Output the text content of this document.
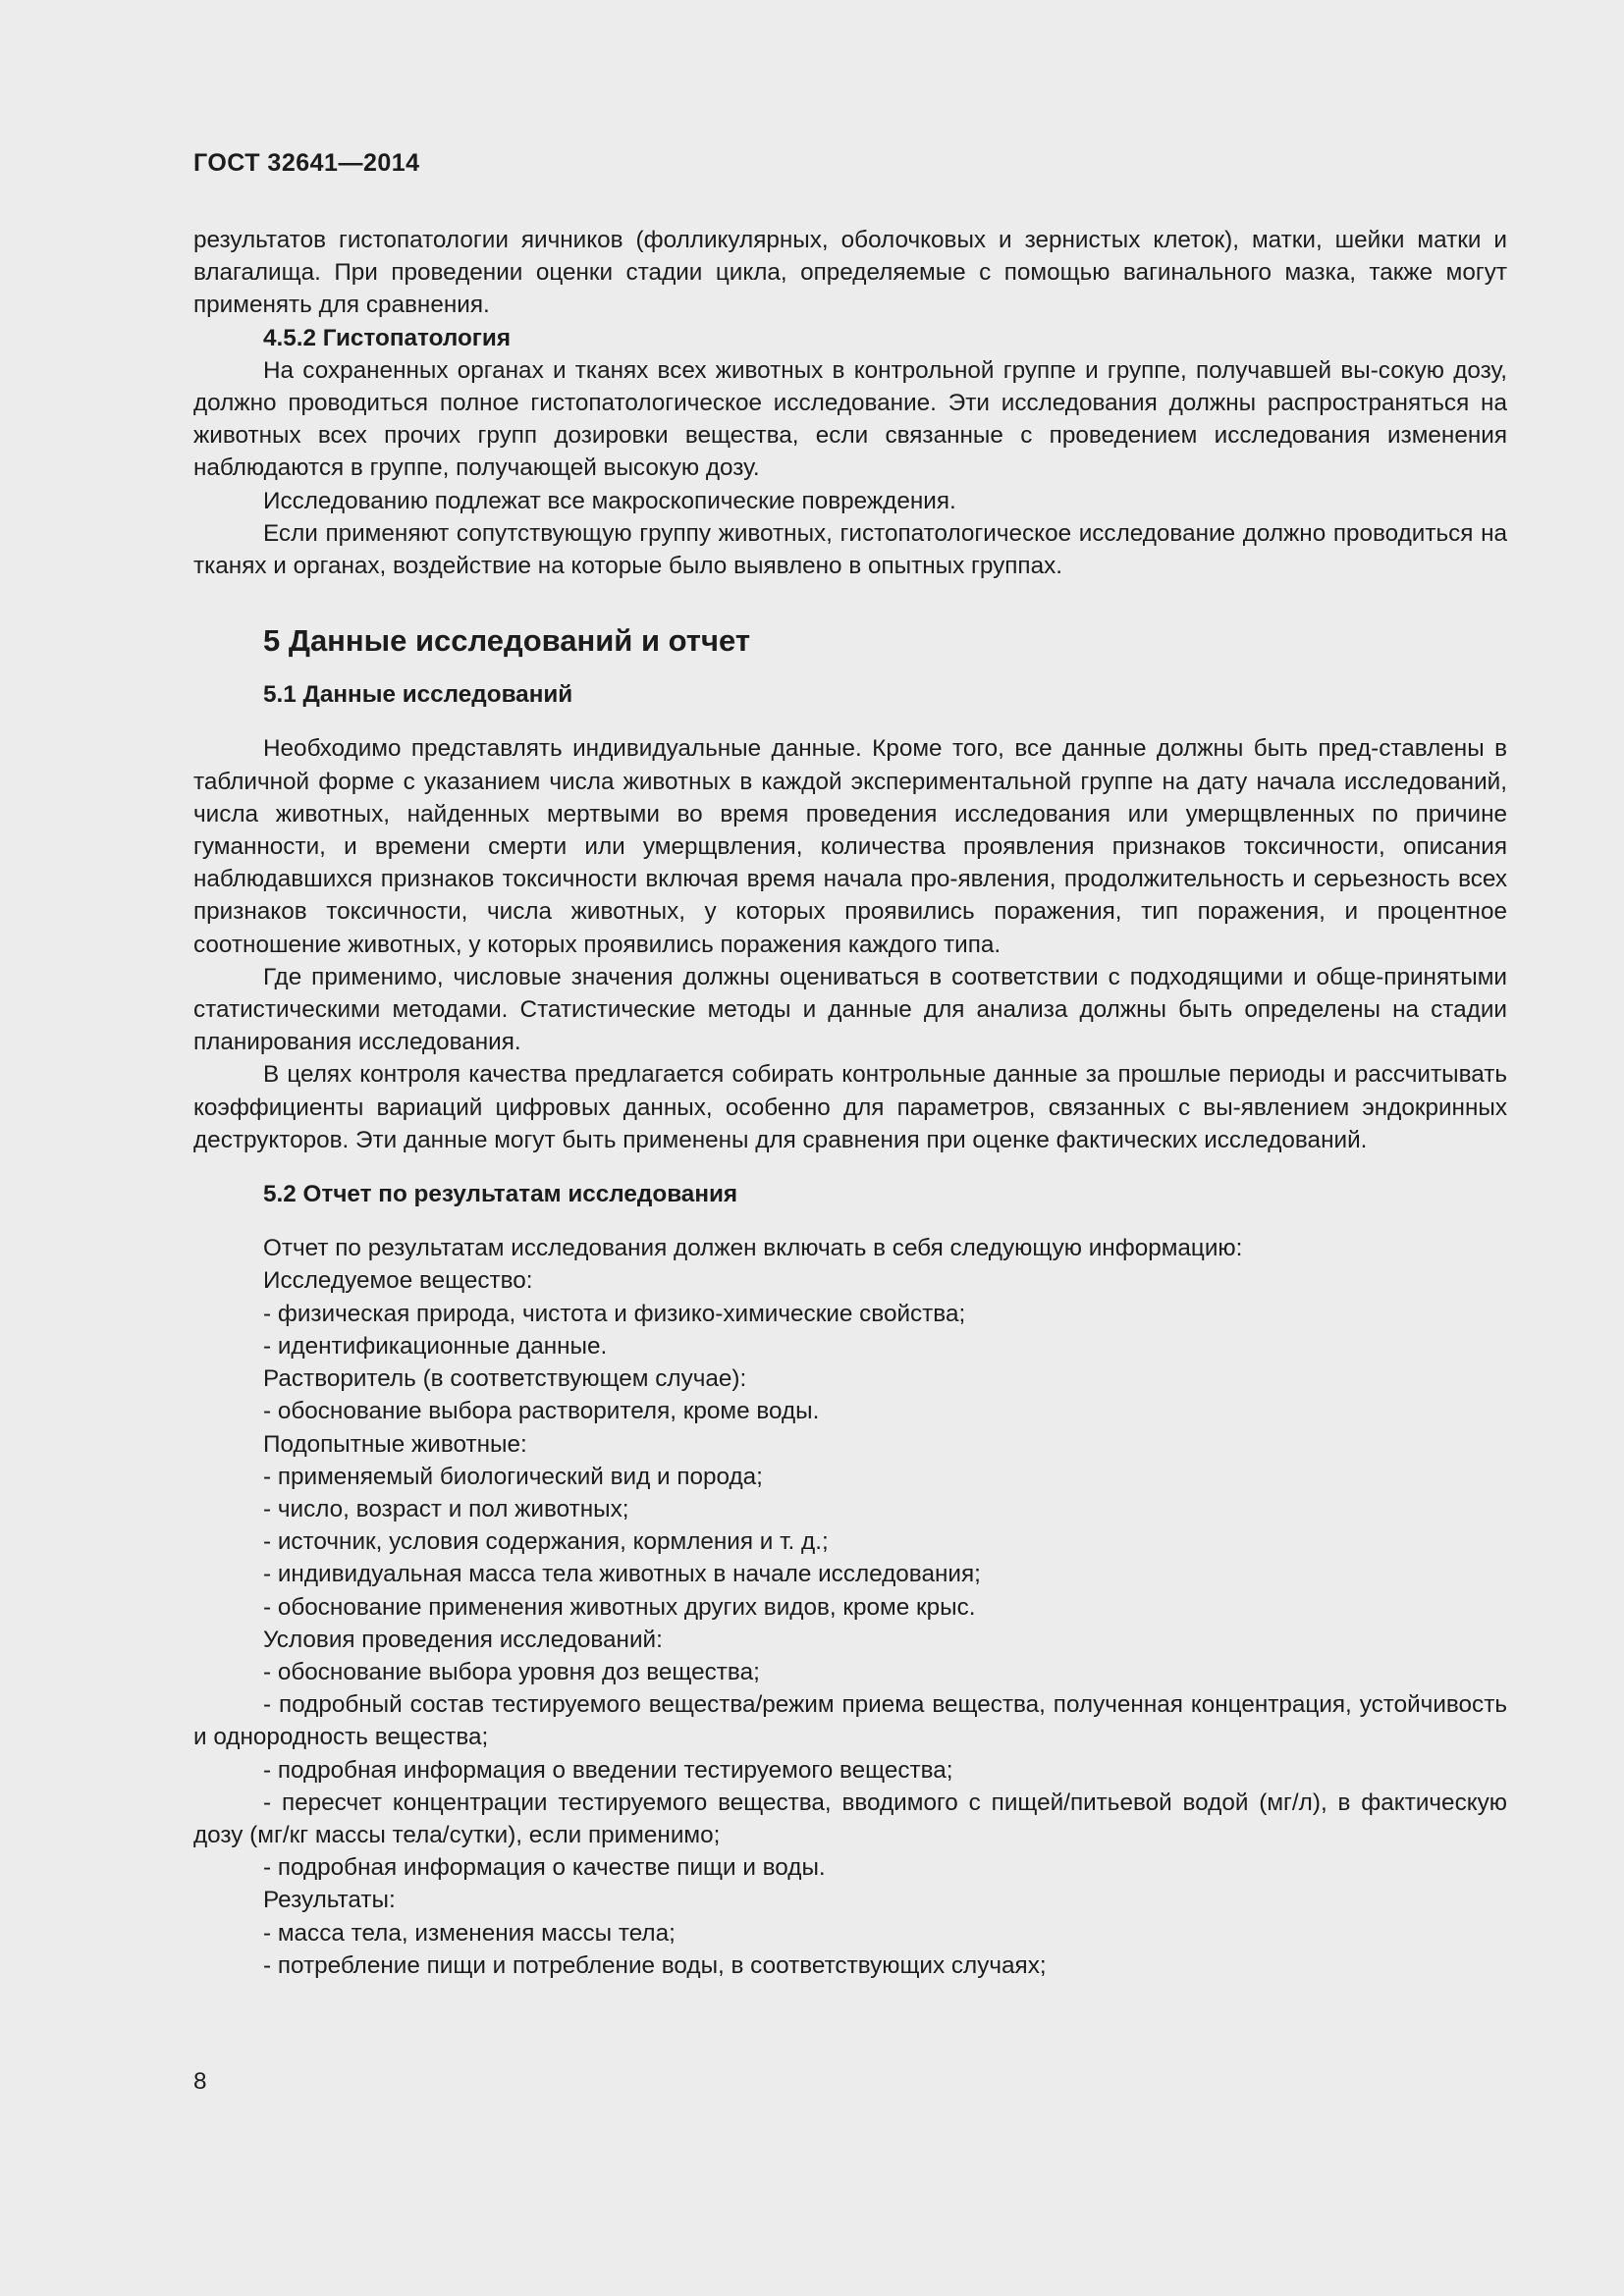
ГОСТ 32641—2014

результатов гистопатологии яичников (фолликулярных, оболочковых и зернистых клеток), матки, шейки матки и влагалища. При проведении оценки стадии цикла, определяемые с помощью вагинального мазка, также могут применять для сравнения.

4.5.2 Гистопатология

На сохраненных органах и тканях всех животных в контрольной группе и группе, получавшей вы-сокую дозу, должно проводиться полное гистопатологическое исследование. Эти исследования должны распространяться на животных всех прочих групп дозировки вещества, если связанные с проведением исследования изменения наблюдаются в группе, получающей высокую дозу.

Исследованию подлежат все макроскопические повреждения.

Если применяют сопутствующую группу животных, гистопатологическое исследование должно проводиться на тканях и органах, воздействие на которые было выявлено в опытных группах.

5 Данные исследований и отчет
5.1 Данные исследований

Необходимо представлять индивидуальные данные. Кроме того, все данные должны быть пред-ставлены в табличной форме с указанием числа животных в каждой экспериментальной группе на дату начала исследований, числа животных, найденных мертвыми во время проведения исследования или умерщвленных по причине гуманности, и времени смерти или умерщвления, количества проявления признаков токсичности, описания наблюдавшихся признаков токсичности включая время начала про-явления, продолжительность и серьезность всех признаков токсичности, числа животных, у которых проявились поражения, тип поражения, и процентное соотношение животных, у которых проявились поражения каждого типа.

Где применимо, числовые значения должны оцениваться в соответствии с подходящими и обще-принятыми статистическими методами. Статистические методы и данные для анализа должны быть определены на стадии планирования исследования.

В целях контроля качества предлагается собирать контрольные данные за прошлые периоды и рассчитывать коэффициенты вариаций цифровых данных, особенно для параметров, связанных с вы-явлением эндокринных деструкторов. Эти данные могут быть применены для сравнения при оценке фактических исследований.

5.2 Отчет по результатам исследования

Отчет по результатам исследования должен включать в себя следующую информацию:

Исследуемое вещество:

- физическая природа, чистота и физико-химические свойства;

- идентификационные данные.

Растворитель (в соответствующем случае):

- обоснование выбора растворителя, кроме воды.

Подопытные животные:

- применяемый биологический вид и порода;

- число, возраст и пол животных;

- источник, условия содержания, кормления и т. д.;

- индивидуальная масса тела животных в начале исследования;

- обоснование применения животных других видов, кроме крыс.

Условия проведения исследований:

- обоснование выбора уровня доз вещества;

- подробный состав тестируемого вещества/режим приема вещества, полученная концентрация, устойчивость и однородность вещества;

- подробная информация о введении тестируемого вещества;

- пересчет концентрации тестируемого вещества, вводимого с пищей/питьевой водой (мг/л), в фактическую дозу (мг/кг массы тела/сутки), если применимо;

- подробная информация о качестве пищи и воды.

Результаты:

- масса тела, изменения массы тела;

- потребление пищи и потребление воды, в соответствующих случаях;

8
